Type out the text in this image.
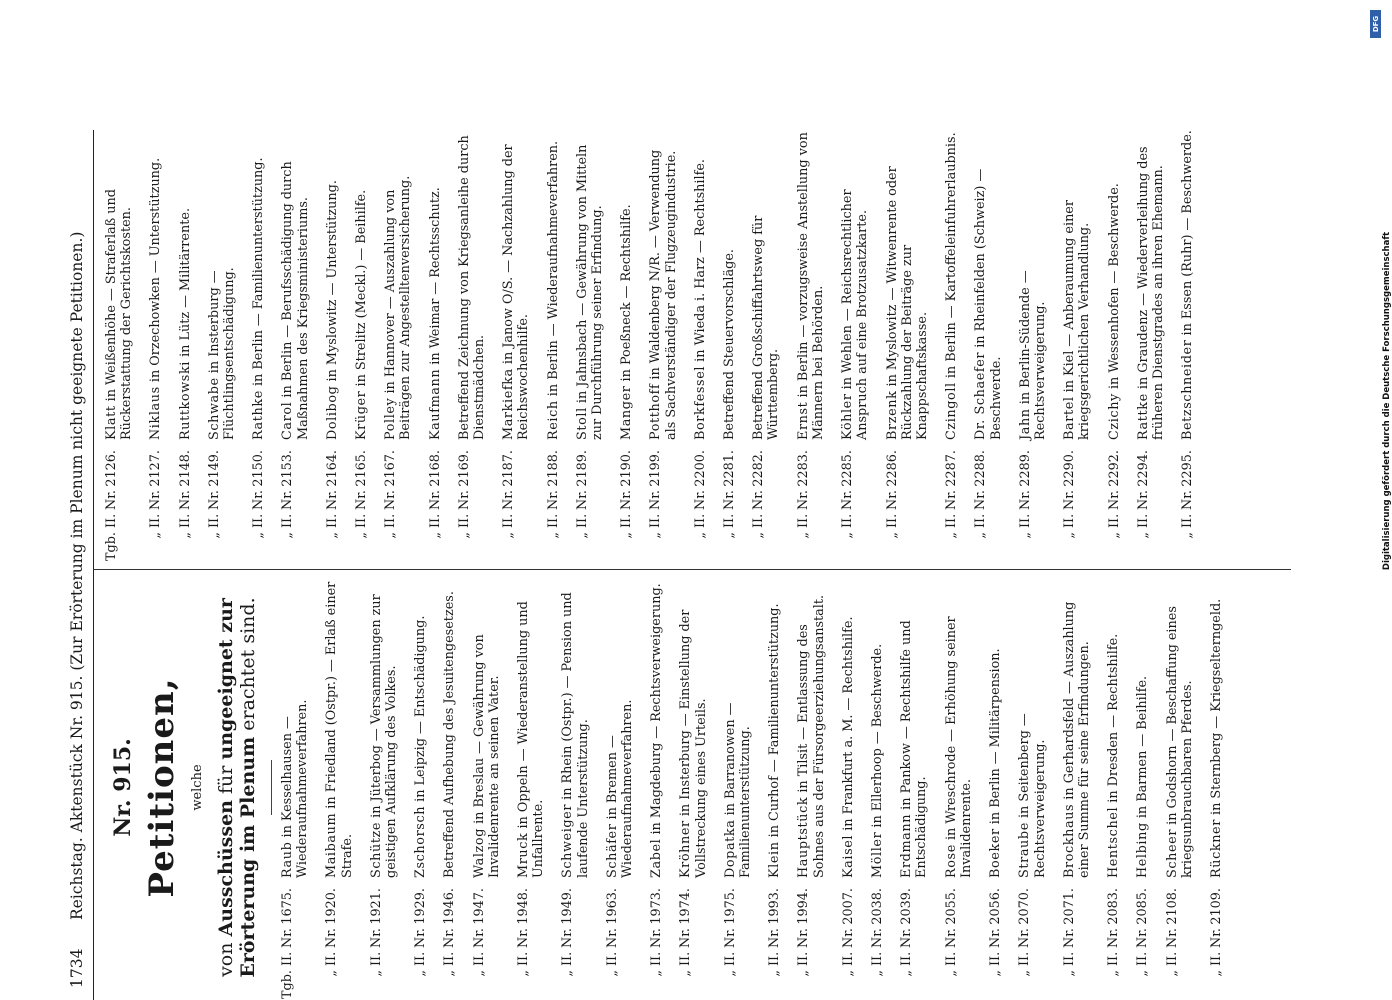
1734
Reichstag. Aktenstück Nr. 915. (Zur Erörterung im Plenum nicht geeignete Petitionen.) Nr. 915. Petitionen, welche
von Ausschüssen für ungeeignet zur
Erörterung im Plenum erachtet sind.
Tgb.
II.
Nr.
1675.
Raub in Kesselhausen — Wiederaufnahmeverfahren.
„
II.
Nr.
1920.
Maibaum in Friedland (Ostpr.) — Erlaß einer Strafe.
„
II.
Nr.
1921.
Schütze in Jüterbog — Versammlungen zur geistigen Aufklärung des Volkes.
„
II.
Nr.
1929.
Zschorsch in Leipzig — Entschädigung.
„
II.
Nr.
1946.
Betreffend Aufhebung des Jesuitengesetzes.
„
II.
Nr.
1947.
Walzog in Breslau — Gewährung von Invalidenrente an seinen Vater.
„
II.
Nr.
1948.
Mruck in Oppeln — Wiederanstellung und Unfallrente.
„
II.
Nr.
1949.
Schweiger in Rhein (Ostpr.) — Pension und laufende Unterstützung.
„
II.
Nr.
1963.
Schäfer in Bremen — Wiederaufnahmeverfahren.
„
II.
Nr.
1973.
Zabel in Magdeburg — Rechtsverweigerung.
„
II.
Nr.
1974.
Kröhner in Insterburg — Einstellung der Vollstreckung eines Urteils.
„
II.
Nr.
1975.
Dopatka in Barranowen — Familienunterstützung.
„
II.
Nr.
1993.
Klein in Curhof — Familienunterstützung.
„
II.
Nr.
1994.
Hauptstück in Tilsit — Entlassung des Sohnes aus der Fürsorgeerziehungsanstalt.
„
II.
Nr.
2007.
Kaisel in Frankfurt a. M. — Rechtshilfe.
„
II.
Nr.
2038.
Möller in Ellerhoop — Beschwerde.
„
II.
Nr.
2039.
Erdmann in Pankow — Rechtshilfe und Entschädigung.
„
II.
Nr.
2055.
Rose in Wreschrode — Erhöhung seiner Invalidenrente.
„
II.
Nr.
2056.
Boeker in Berlin — Militärpension.
„
II.
Nr.
2070.
Straube in Seitenberg — Rechtsverweigerung.
„
II.
Nr.
2071.
Brockhaus in Gerhardsfeld — Auszahlung einer Summe für seine Erfindungen.
„
II.
Nr.
2083.
Hentschel in Dresden — Rechtshilfe.
„
II.
Nr.
2085.
Helbing in Barmen — Beihilfe.
„
II.
Nr.
2108.
Scheer in Godshorn — Beschaffung eines kriegsunbrauchbaren Pferdes.
„
II.
Nr.
2109.
Rückner in Sternberg — Kriegselterngeld.
Tgb.
II.
Nr.
2126.
Klatt in Weißenhöhe — Straferlaß und Rückerstattung der Gerichtskosten.
„
II.
Nr.
2127.
Niklaus in Orzechowken — Unterstützung.
„
II.
Nr.
2148.
Ruttkowski in Lütz — Militärrente.
„
II.
Nr.
2149.
Schwabe in Insterburg — Flüchtlingsentschädigung.
„
II.
Nr.
2150.
Rathke in Berlin — Familienunterstützung.
„
II.
Nr.
2153.
Carol in Berlin — Berufsschädigung durch Maßnahmen des Kriegsministeriums.
„
II.
Nr.
2164.
Dolibog in Myslowitz — Unterstützung.
„
II.
Nr.
2165.
Krüger in Strelitz (Meckl.) — Beihilfe.
„
II.
Nr.
2167.
Polley in Hannover — Auszahlung von Beiträgen zur Angestelltenversicherung.
„
II.
Nr.
2168.
Kaufmann in Weimar — Rechtsschutz.
„
II.
Nr.
2169.
Betreffend Zeichnung von Kriegsanleihe durch Dienstmädchen.
„
II.
Nr.
2187.
Markiefka in Janow O/S. — Nachzahlung der Reichswochenhilfe.
„
II.
Nr.
2188.
Reich in Berlin — Wiederaufnahmeverfahren.
„
II.
Nr.
2189.
Stoll in Jahnsbach — Gewährung von Mitteln zur Durchführung seiner Erfindung.
„
II.
Nr.
2190.
Manger in Poeßneck — Rechtshilfe.
„
II.
Nr.
2199.
Potthoff in Waldenberg N/R. — Verwendung als Sachverständiger der Flugzeugindustrie.
„
II.
Nr.
2200.
Borkfessel in Wieda i. Harz — Rechtshilfe.
„
II.
Nr.
2281.
Betreffend Steuervorschläge.
„
II.
Nr.
2282.
Betreffend Großschiffahrtsweg für Württemberg.
„
II.
Nr.
2283.
Ernst in Berlin — vorzugsweise Anstellung von Männern bei Behörden.
„
II.
Nr.
2285.
Köhler in Wehlen — Reichsrechtlicher Anspruch auf eine Brotzusatzkarte.
„
II.
Nr.
2286.
Brzenk in Myslowitz — Witwenrente oder Rückzahlung der Beiträge zur Knappschaftskasse.
„
II.
Nr.
2287.
Czingoll in Berlin — Kartoffeleinfuhrerlaubnis.
„
II.
Nr.
2288.
Dr. Schaefer in Rheinfelden (Schweiz) — Beschwerde.
„
II.
Nr.
2289.
Jahn in Berlin-Südende — Rechtsverweigerung.
„
II.
Nr.
2290.
Bartel in Kiel — Anberaumung einer kriegsgerichtlichen Verhandlung.
„
II.
Nr.
2292.
Czichy in Wessenhofen — Beschwerde.
„
II.
Nr.
2294.
Rattke in Graudenz — Wiederverleihung des früheren Dienstgrades an ihren Ehemann.
„
II.
Nr.
2295.
Betzschneider in Essen (Ruhr) — Beschwerde.
DFG
Digitalisierung gefördert durch die Deutsche Forschungsgemeinschaft
